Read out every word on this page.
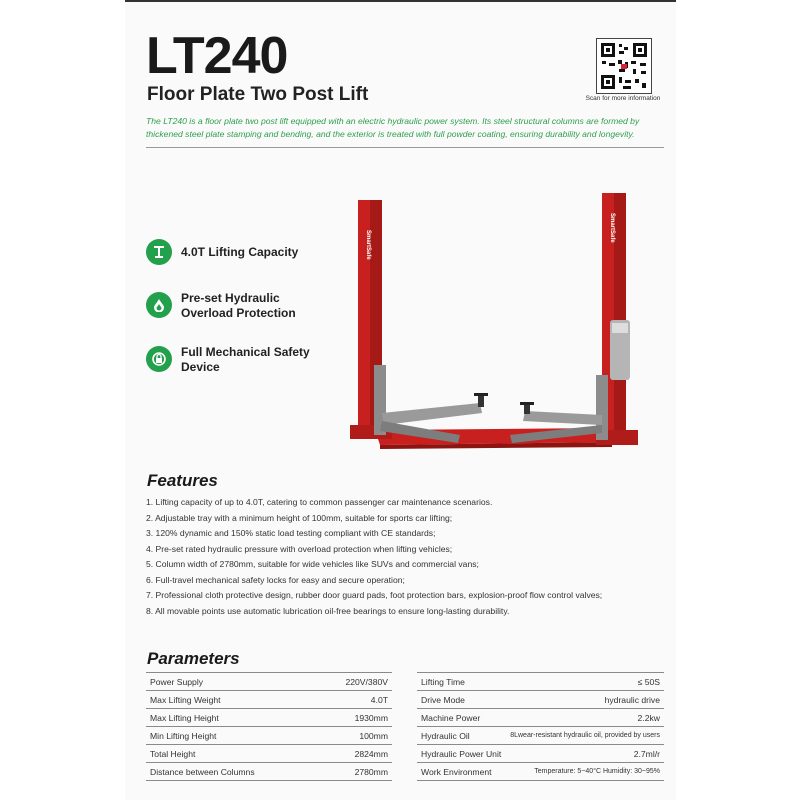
LT240
Floor Plate Two Post Lift	Scan for more information
The LT240 is a floor plate two post lift equipped with an electric hydraulic power system. Its steel structural columns are formed by thickened steel plate stamping and bending, and the exterior is treated with full powder coating, ensuring durability and longevity.
4.0T Lifting Capacity
Pre-set Hydraulic Overload Protection
Full Mechanical Safety Device
SmartSafe
SmartSafe
Features
1. Lifting capacity of up to 4.0T, catering to common passenger car maintenance scenarios.
2. Adjustable tray with a minimum height of 100mm, suitable for sports car lifting;
3. 120% dynamic and 150% static load testing compliant with CE standards;
4. Pre-set rated hydraulic pressure with overload protection when lifting vehicles;
5. Column width of 2780mm, suitable for wide vehicles like SUVs and commercial vans;
6. Full-travel mechanical safety locks for easy and secure operation;
7. Professional cloth protective design, rubber door guard pads, foot protection bars, explosion-proof flow control valves;
8. All movable points use automatic lubrication oil-free bearings to ensure long-lasting durability.
Parameters
Power Supply	220V/380V
Max Lifting Weight	4.0T
Max Lifting Height	1930mm
Min Lifting Height	100mm
Total Height	2824mm
Distance between Columns	2780mm
Lifting Time	≤ 50S
Drive Mode	hydraulic drive
Machine Power	2.2kw
Hydraulic Oil	8Lwear-resistant hydraulic oil, provided by users
Hydraulic Power Unit	2.7ml/r
Work Environment	Temperature: 5~40°C Humidity: 30~95%
